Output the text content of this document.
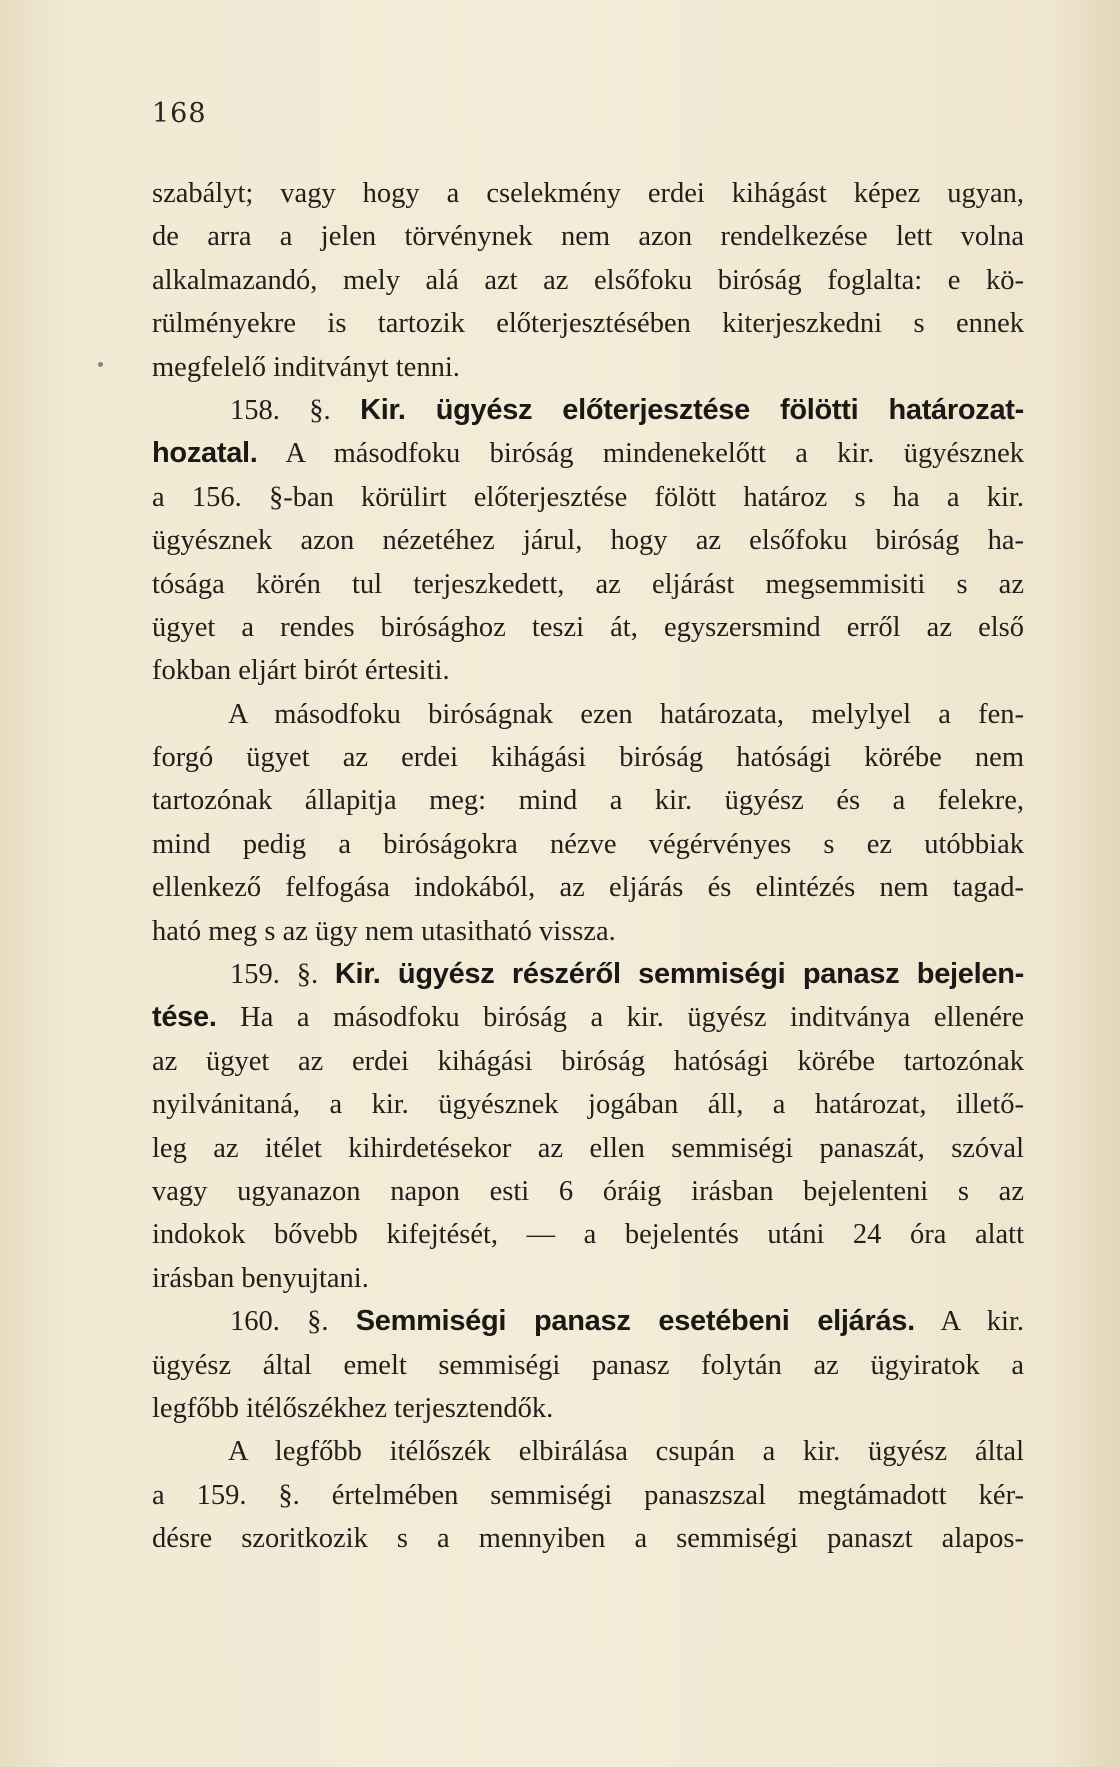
168
szabályt; vagy hogy a cselekmény erdei kihágást képez ugyan,
de arra a jelen törvénynek nem azon rendelkezése lett volna
alkalmazandó, mely alá azt az elsőfoku biróság foglalta: e kö-
rülményekre is tartozik előterjesztésében kiterjeszkedni s ennek
megfelelő inditványt tenni.
158. §. Kir. ügyész előterjesztése fölötti határozat-
hozatal. A másodfoku biróság mindenekelőtt a kir. ügyésznek
a 156. §-ban körülirt előterjesztése fölött határoz s ha a kir.
ügyésznek azon nézetéhez járul, hogy az elsőfoku biróság ha-
tósága körén tul terjeszkedett, az eljárást megsemmisiti s az
ügyet a rendes birósághoz teszi át, egyszersmind erről az első
fokban eljárt birót értesiti.
A másodfoku biróságnak ezen határozata, melylyel a fen-
forgó ügyet az erdei kihágási biróság hatósági körébe nem
tartozónak állapitja meg: mind a kir. ügyész és a felekre,
mind pedig a biróságokra nézve végérvényes s ez utóbbiak
ellenkező felfogása indokából, az eljárás és elintézés nem tagad-
ható meg s az ügy nem utasitható vissza.
159. §. Kir. ügyész részéről semmiségi panasz bejelen-
tése. Ha a másodfoku biróság a kir. ügyész inditványa ellenére
az ügyet az erdei kihágási biróság hatósági körébe tartozónak
nyilvánitaná, a kir. ügyésznek jogában áll, a határozat, illető-
leg az itélet kihirdetésekor az ellen semmiségi panaszát, szóval
vagy ugyanazon napon esti 6 óráig irásban bejelenteni s az
indokok bővebb kifejtését, — a bejelentés utáni 24 óra alatt
irásban benyujtani.
160. §. Semmiségi panasz esetébeni eljárás. A kir.
ügyész által emelt semmiségi panasz folytán az ügyiratok a
legfőbb itélőszékhez terjesztendők.
A legfőbb itélőszék elbirálása csupán a kir. ügyész által
a 159. §. értelmében semmiségi panaszszal megtámadott kér-
désre szoritkozik s a mennyiben a semmiségi panaszt alapos-
